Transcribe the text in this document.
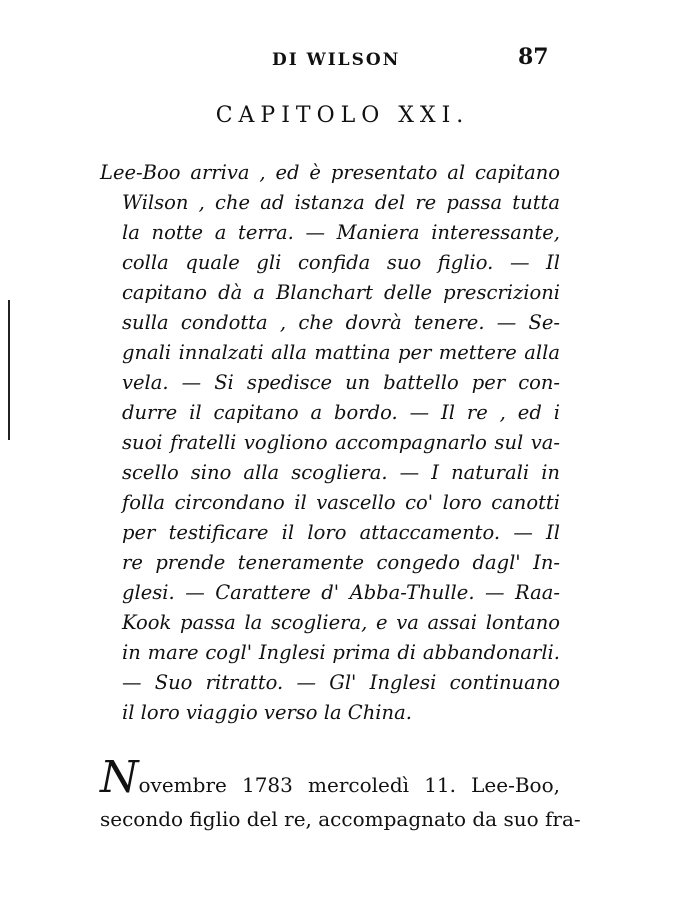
DI WILSON	87
CAPITOLO XXI.
Lee-Boo arriva , ed è presentato al capitano
Wilson , che ad istanza del re passa tutta
la notte a terra. — Maniera interessante,
colla quale gli confida suo figlio. — Il
capitano dà a Blanchart delle prescrizioni
sulla condotta , che dovrà tenere. — Se-
gnali innalzati alla mattina per mettere alla
vela. — Si spedisce un battello per con-
durre il capitano a bordo. — Il re , ed i
suoi fratelli vogliono accompagnarlo sul va-
scello sino alla scogliera. — I naturali in
folla circondano il vascello co' loro canotti
per testificare il loro attaccamento. — Il
re prende teneramente congedo dagl' In-
glesi. — Carattere d' Abba-Thulle. — Raa-
Kook passa la scogliera, e va assai lontano
in mare cogl' Inglesi prima di abbandonarli.
— Suo ritratto. — Gl' Inglesi continuano
il loro viaggio verso la China.
Novembre 1783 mercoledì 11. Lee-Boo,
secondo figlio del re, accompagnato da suo fra-
